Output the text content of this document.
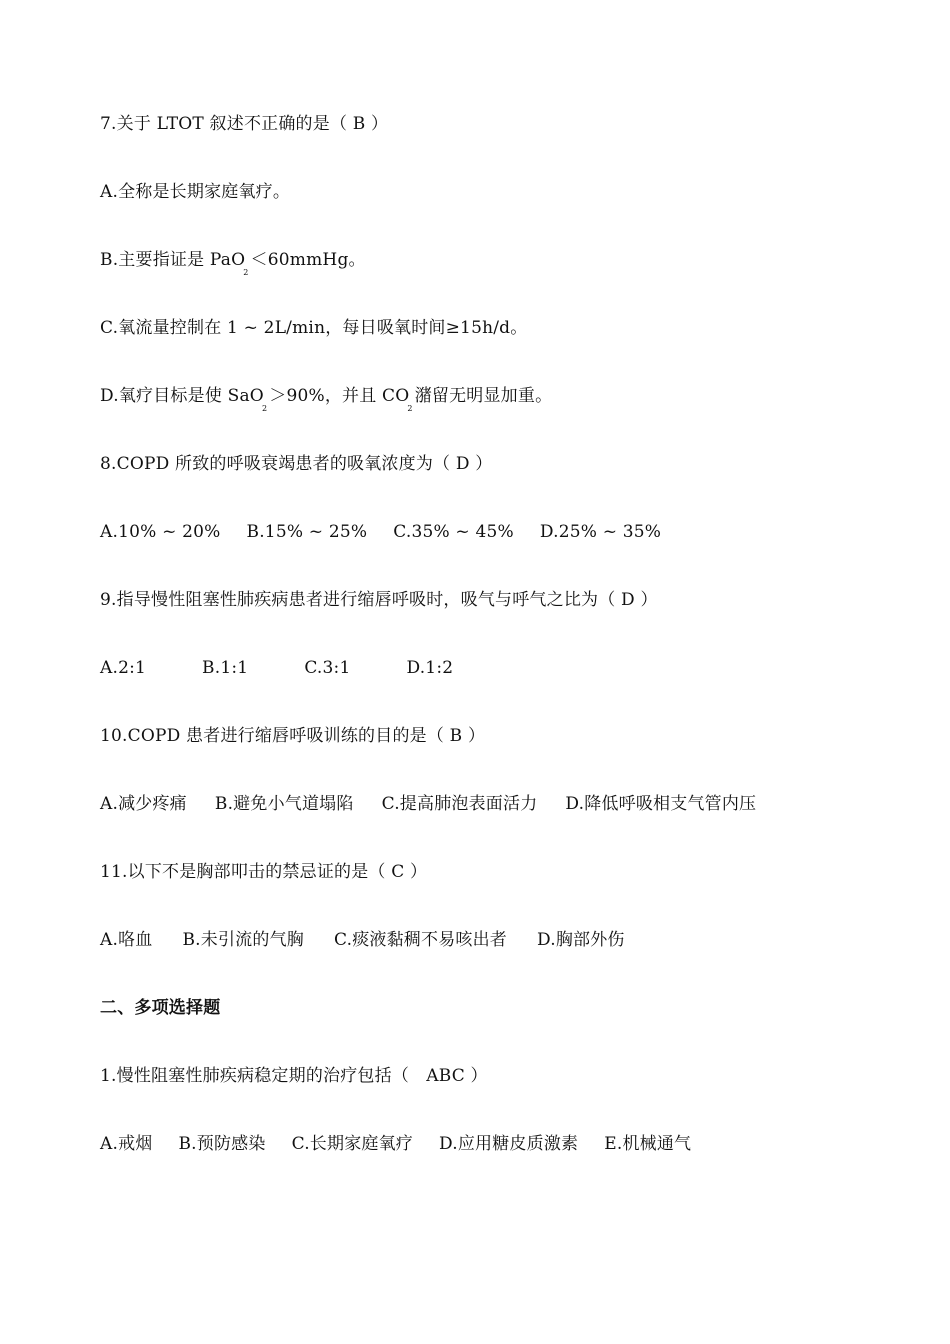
7.关于 LTOT 叙述不正确的是（ B ）
A.全称是长期家庭氧疗。
B.主要指证是 PaO$_2$＜60mmHg。
C.氧流量控制在 1 ~ 2L/min，每日吸氧时间≥15h/d。
D.氧疗目标是使 SaO$_2$＞90%，并且 $CO_2$潴留无明显加重。
8.COPD 所致的呼吸衰竭患者的吸氧浓度为（ D ）
A.10% ~ 20% B.15% ~ 25% C.35% ~ 45% D.25% ~ 35%
9.指导慢性阻塞性肺疾病患者进行缩唇呼吸时，吸气与呼气之比为（ D ）
A.2:1	B.1:1	C.3:1	D.1:2
10.COPD 患者进行缩唇呼吸训练的目的是（ B ）
A.减少疼痛 B.避免小气道塌陷 C.提高肺泡表面活力 D.降低呼吸相支气管内压
11.以下不是胸部叩击的禁忌证的是（ C ）
A.咯血 B.未引流的气胸 C.痰液黏稠不易咳出者 D.胸部外伤
二、多项选择题
1.慢性阻塞性肺疾病稳定期的治疗包括（　ABC ）
A.戒烟 B.预防感染 C.长期家庭氧疗 D.应用糖皮质激素 E.机械通气
